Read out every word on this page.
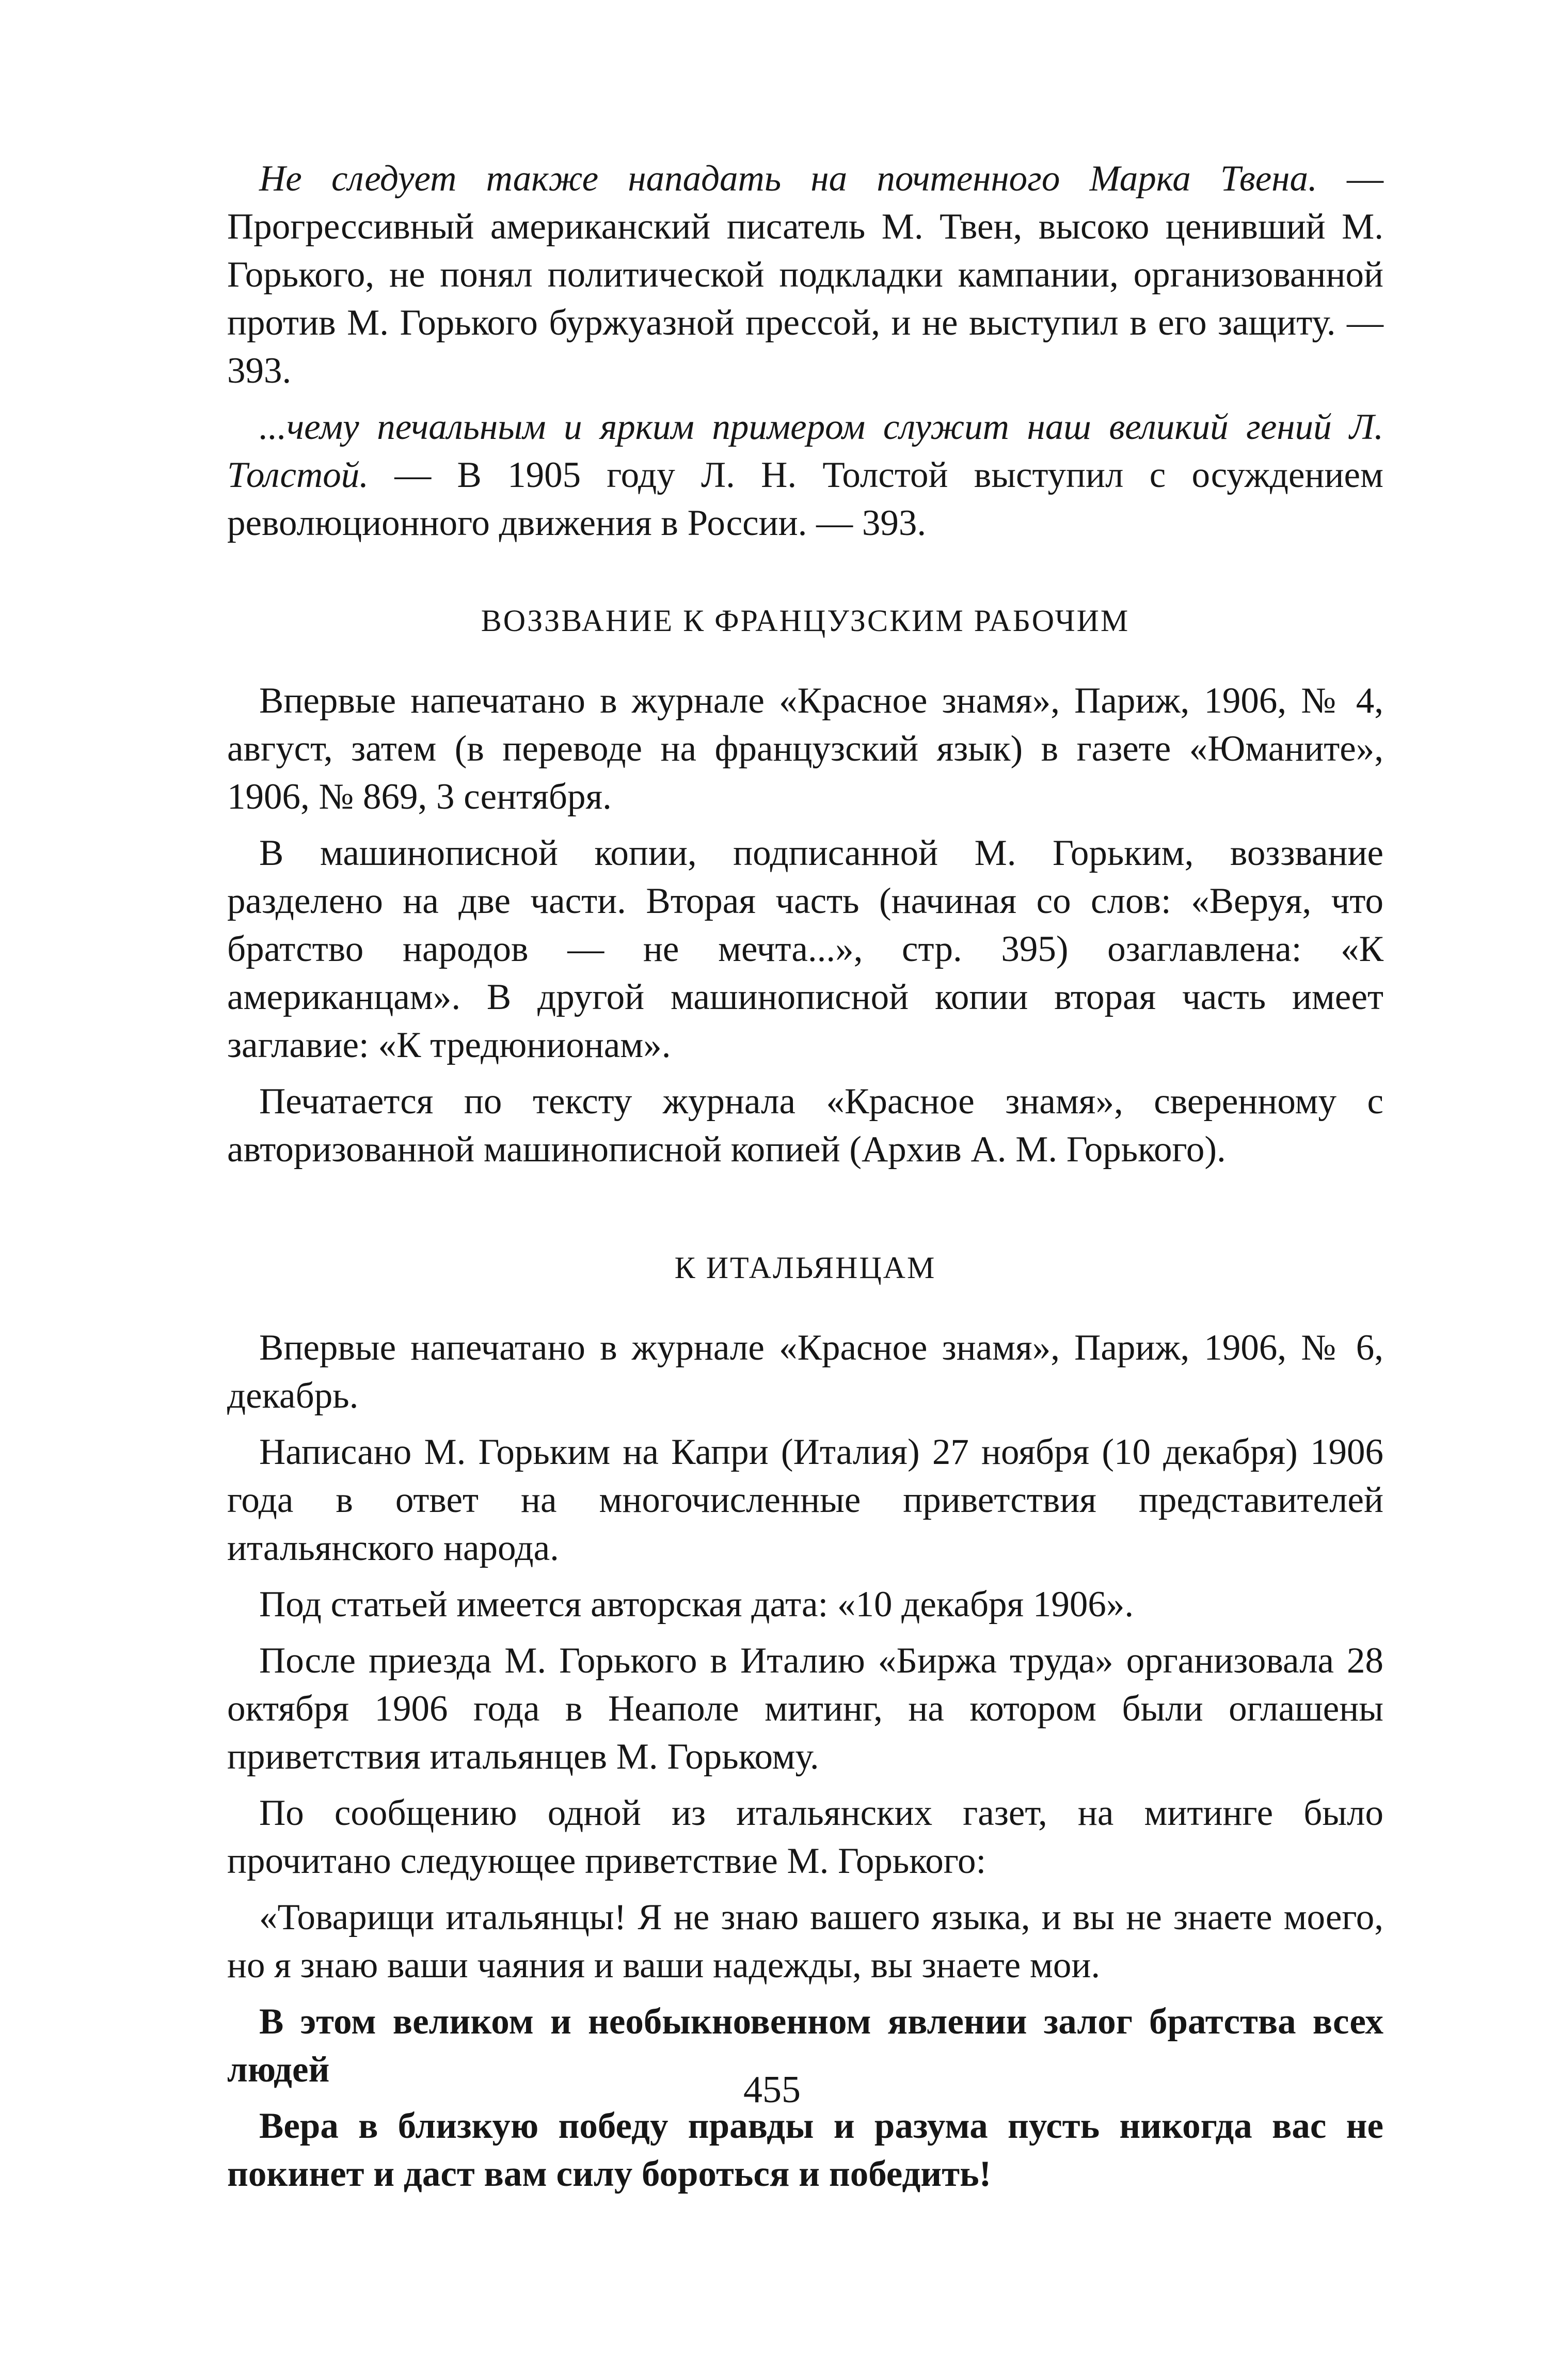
Не следует также нападать на почтенного Марка Твена. — Прогрессивный американский писатель М. Твен, высоко ценивший М. Горького, не понял политической подкладки кампании, организованной против М. Горького буржуазной прессой, и не выступил в его защиту. — 393.

...чему печальным и ярким примером служит наш великий гений Л. Толстой. — В 1905 году Л. Н. Толстой выступил с осуждением революционного движения в России. — 393.

ВОЗЗВАНИЕ К ФРАНЦУЗСКИМ РАБОЧИМ

Впервые напечатано в журнале «Красное знамя», Париж, 1906, № 4, август, затем (в переводе на французский язык) в газете «Юманите», 1906, № 869, 3 сентября.

В машинописной копии, подписанной М. Горьким, воззвание разделено на две части. Вторая часть (начиная со слов: «Веруя, что братство народов — не мечта...», стр. 395) озаглавлена: «К американцам». В другой машинописной копии вторая часть имеет заглавие: «К тредюнионам».

Печатается по тексту журнала «Красное знамя», сверенному с авторизованной машинописной копией (Архив А. М. Горького).

К ИТАЛЬЯНЦАМ

Впервые напечатано в журнале «Красное знамя», Париж, 1906, № 6, декабрь.

Написано М. Горьким на Капри (Италия) 27 ноября (10 декабря) 1906 года в ответ на многочисленные приветствия представителей итальянского народа.

Под статьей имеется авторская дата: «10 декабря 1906».

После приезда М. Горького в Италию «Биржа труда» организовала 28 октября 1906 года в Неаполе митинг, на котором были оглашены приветствия итальянцев М. Горькому.

По сообщению одной из итальянских газет, на митинге было прочитано следующее приветствие М. Горького:

«Товарищи итальянцы! Я не знаю вашего языка, и вы не знаете моего, но я знаю ваши чаяния и ваши надежды, вы знаете мои.

В этом великом и необыкновенном явлении залог братства всех людей

Вера в близкую победу правды и разума пусть никогда вас не покинет и даст вам силу бороться и победить!

455
